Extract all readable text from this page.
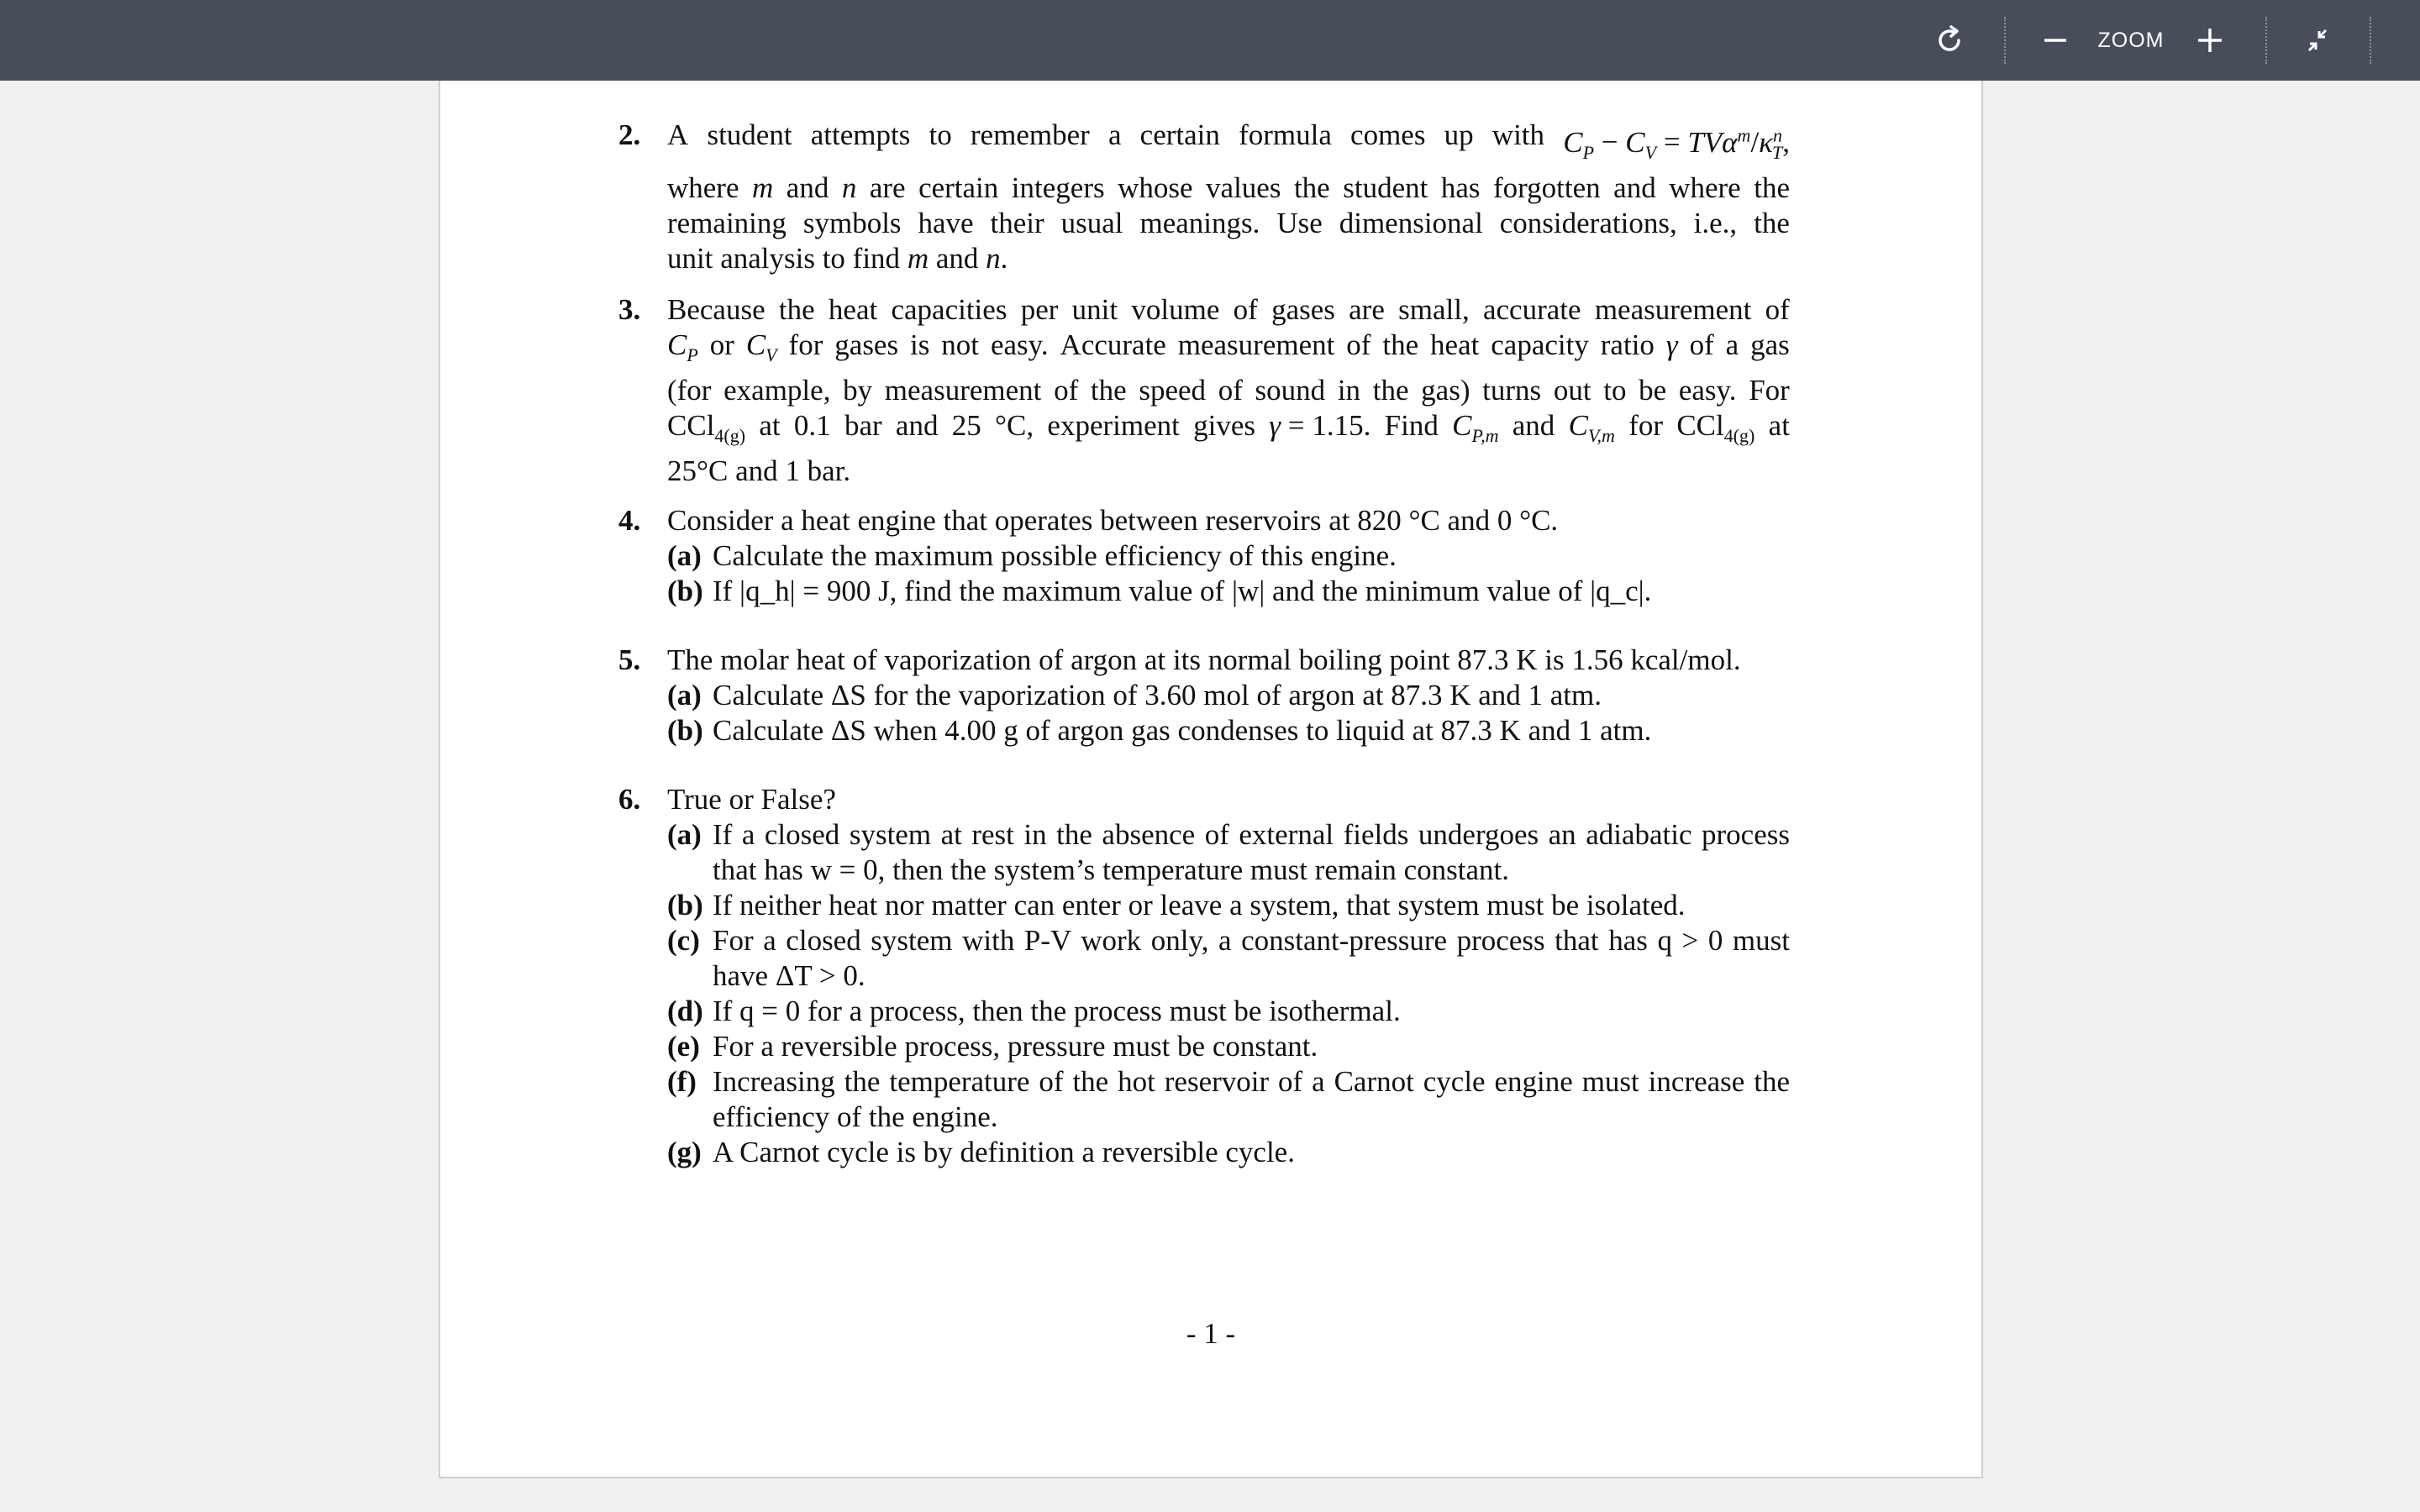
ZOOM
2. A student attempts to remember a certain formula comes up with $C_P - C_V = TV\alpha^m/\kappa^n_T$,
where m and n are certain integers whose values the student has forgotten and where the
remaining symbols have their usual meanings. Use dimensional considerations, i.e., the
unit analysis to find m and n.
3. Because the heat capacities per unit volume of gases are small, accurate measurement of
$C_P$ or $C_V$ for gases is not easy. Accurate measurement of the heat capacity ratio γ of a gas
(for example, by measurement of the speed of sound in the gas) turns out to be easy. For
CCl$_{4(g)}$ at 0.1 bar and 25 °C, experiment gives γ = 1.15. Find $C_{P,m}$ and $C_{V,m}$ for CCl$_{4(g)}$ at
25°C and 1 bar.
4. Consider a heat engine that operates between reservoirs at 820 °C and 0 °C.
(a) Calculate the maximum possible efficiency of this engine.
(b) If |q_h| = 900 J, find the maximum value of |w| and the minimum value of |q_c|.
5. The molar heat of vaporization of argon at its normal boiling point 87.3 K is 1.56 kcal/mol.
(a) Calculate ΔS for the vaporization of 3.60 mol of argon at 87.3 K and 1 atm.
(b) Calculate ΔS when 4.00 g of argon gas condenses to liquid at 87.3 K and 1 atm.
6. True or False?
(a) If a closed system at rest in the absence of external fields undergoes an adiabatic process that has w = 0, then the system’s temperature must remain constant.
(b) If neither heat nor matter can enter or leave a system, that system must be isolated.
(c) For a closed system with P-V work only, a constant-pressure process that has q > 0 must have ΔT > 0.
(d) If q = 0 for a process, then the process must be isothermal.
(e) For a reversible process, pressure must be constant.
(f) Increasing the temperature of the hot reservoir of a Carnot cycle engine must increase the efficiency of the engine.
(g) A Carnot cycle is by definition a reversible cycle.
- 1 -
